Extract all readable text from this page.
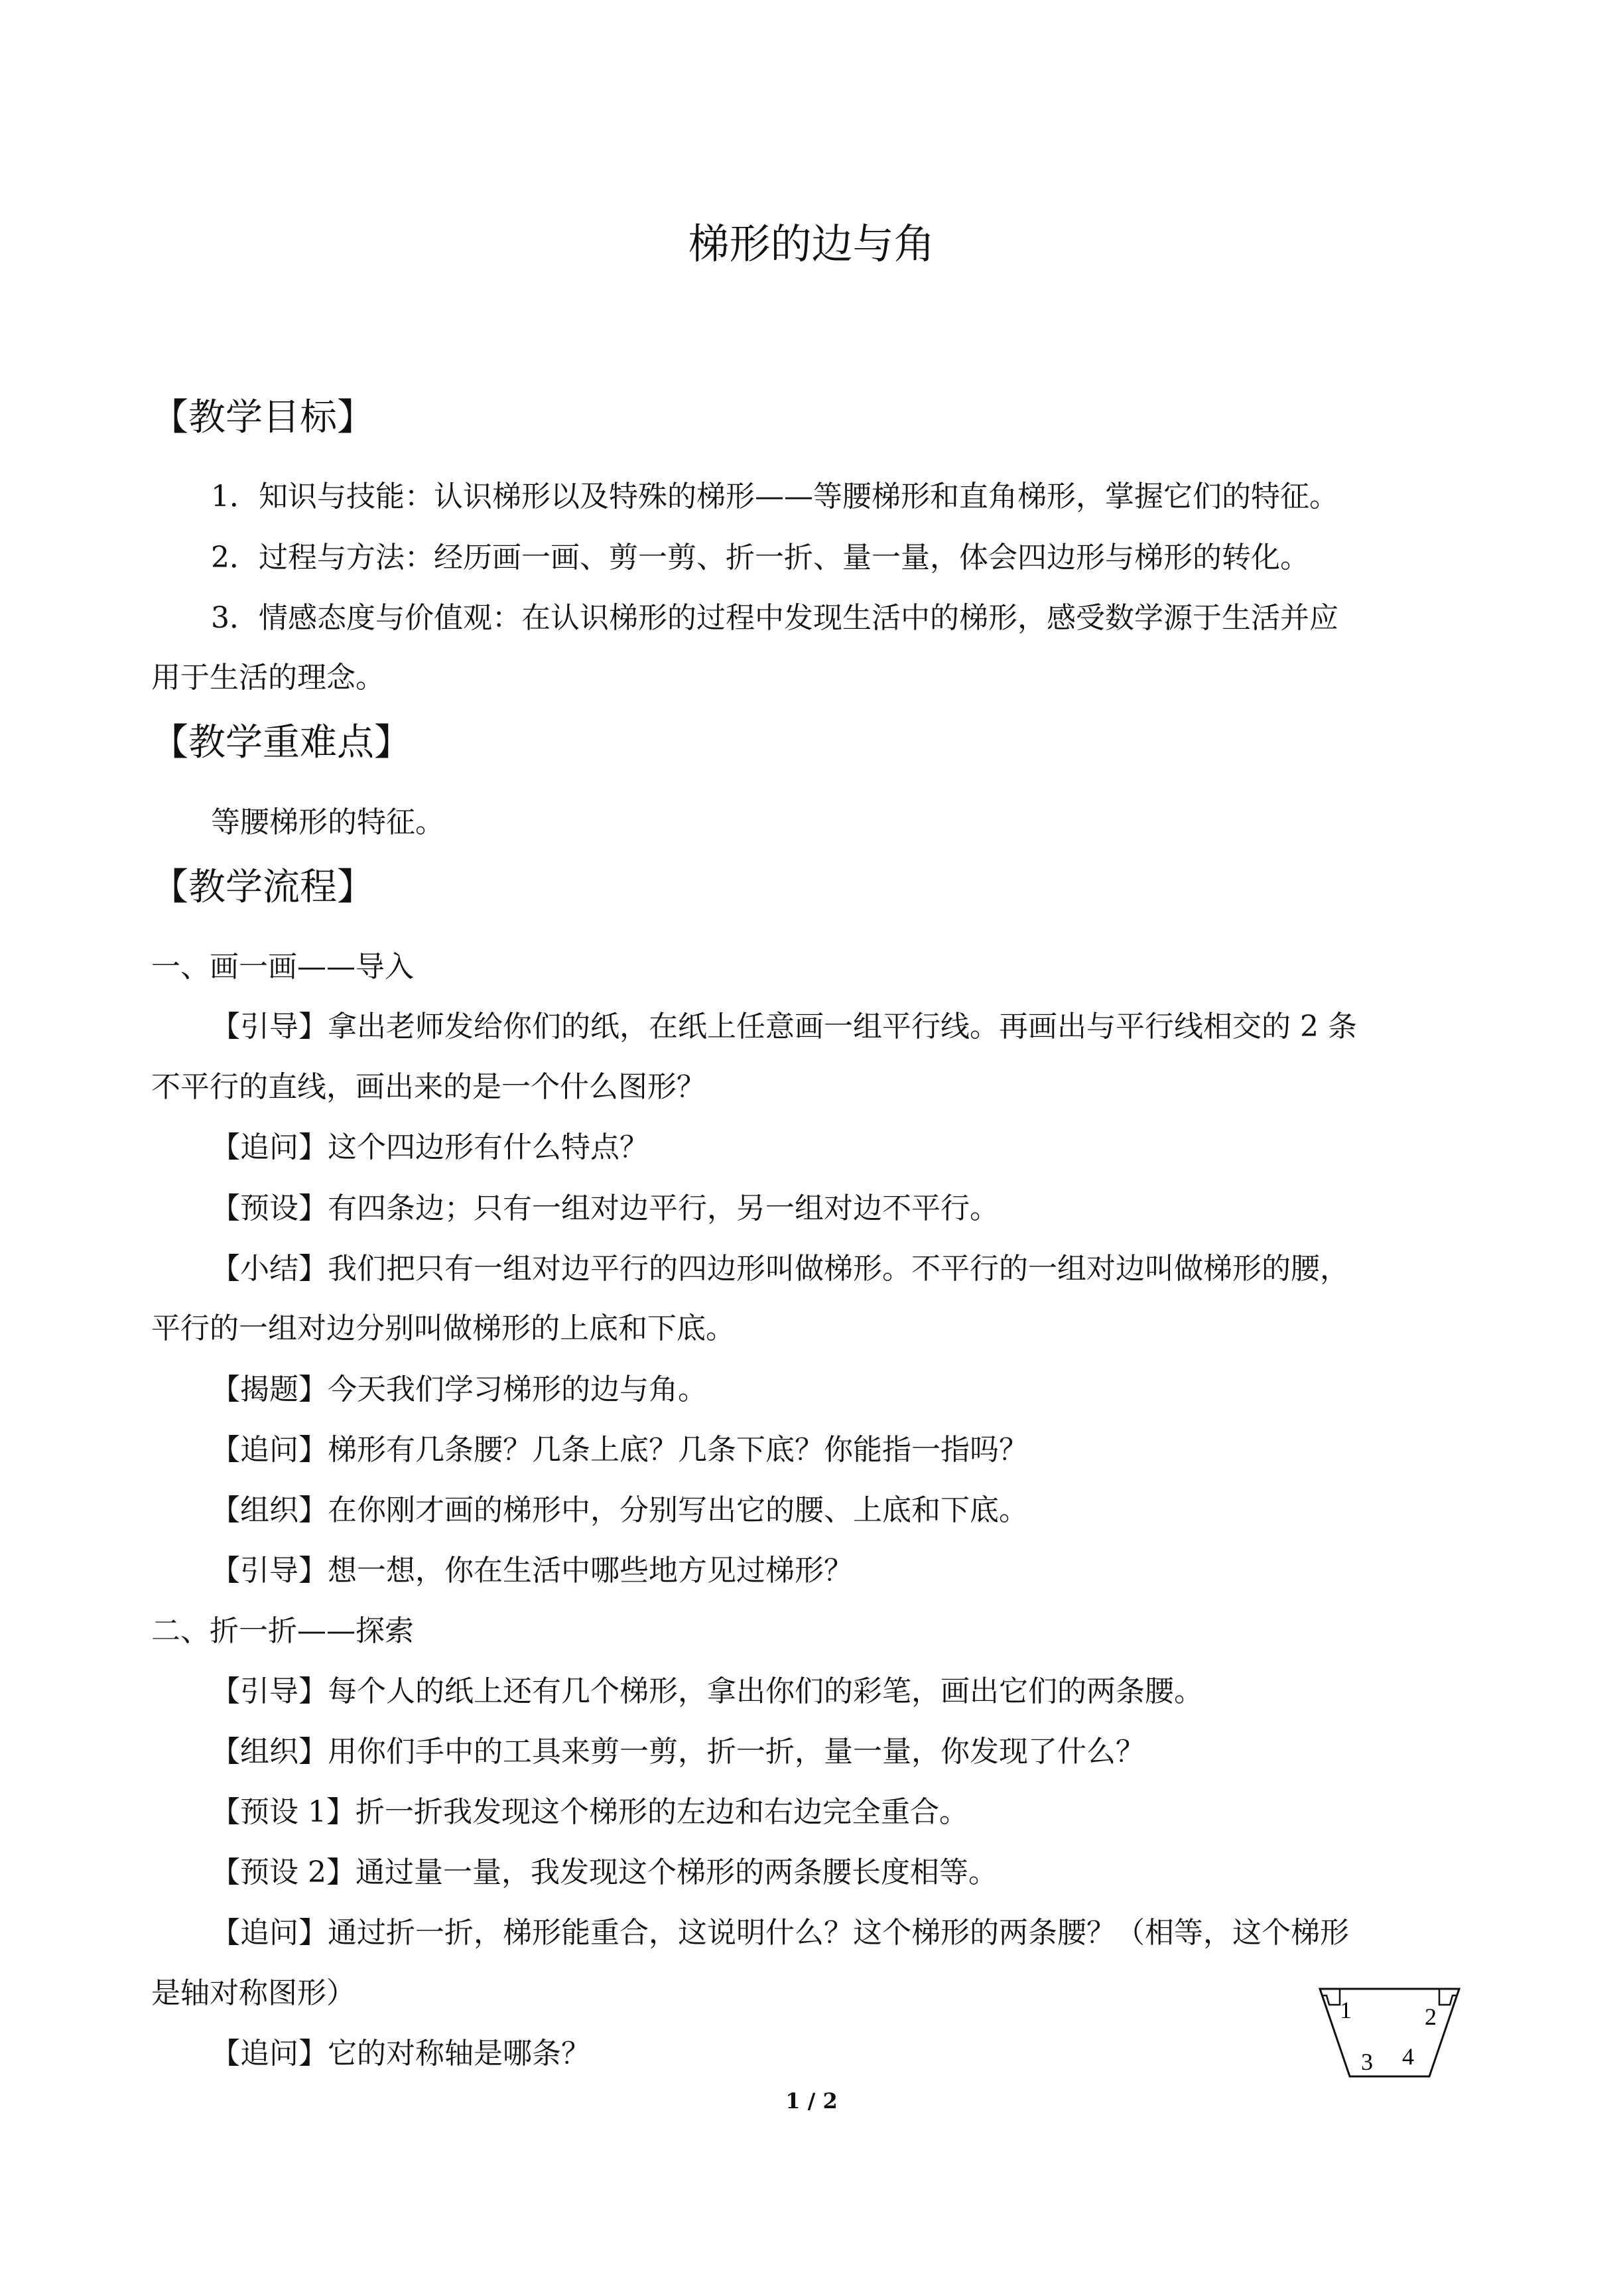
梯形的边与角
【教学目标】
1．知识与技能：认识梯形以及特殊的梯形——等腰梯形和直角梯形，掌握它们的特征。
2．过程与方法：经历画一画、剪一剪、折一折、量一量，体会四边形与梯形的转化。
3．情感态度与价值观：在认识梯形的过程中发现生活中的梯形，感受数学源于生活并应
用于生活的理念。
【教学重难点】
等腰梯形的特征。
【教学流程】
一、画一画——导入
【引导】拿出老师发给你们的纸，在纸上任意画一组平行线。再画出与平行线相交的 2 条
不平行的直线，画出来的是一个什么图形？
【追问】这个四边形有什么特点？
【预设】有四条边；只有一组对边平行，另一组对边不平行。
【小结】我们把只有一组对边平行的四边形叫做梯形。不平行的一组对边叫做梯形的腰，
平行的一组对边分别叫做梯形的上底和下底。
【揭题】今天我们学习梯形的边与角。
【追问】梯形有几条腰？几条上底？几条下底？你能指一指吗？
【组织】在你刚才画的梯形中，分别写出它的腰、上底和下底。
【引导】想一想，你在生活中哪些地方见过梯形？
二、折一折——探索
【引导】每个人的纸上还有几个梯形，拿出你们的彩笔，画出它们的两条腰。
【组织】用你们手中的工具来剪一剪，折一折，量一量，你发现了什么？
【预设 1】折一折我发现这个梯形的左边和右边完全重合。
【预设 2】通过量一量，我发现这个梯形的两条腰长度相等。
【追问】通过折一折，梯形能重合，这说明什么？这个梯形的两条腰？（相等，这个梯形
是轴对称图形）
【追问】它的对称轴是哪条？
1	2
3 4
1 / 2
